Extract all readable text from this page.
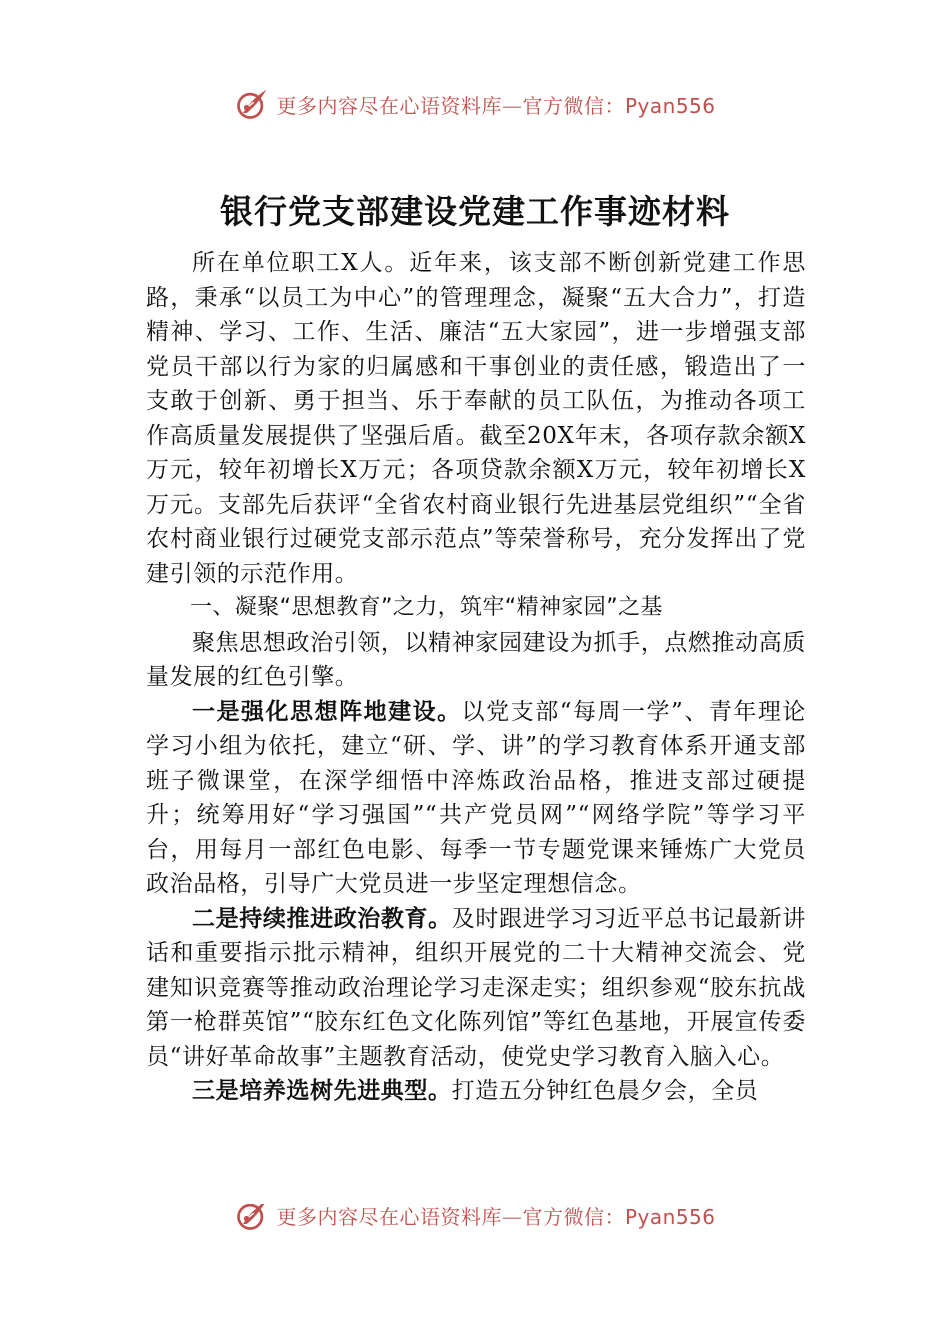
更多内容尽在心语资料库—官方微信：Pyan556
银行党支部建设党建工作事迹材料

所在单位职工X人。近年来，该支部不断创新党建工作思路，秉承“以员工为中心”的管理理念，凝聚“五大合力”，打造精神、学习、工作、生活、廉洁“五大家园”，进一步增强支部党员干部以行为家的归属感和干事创业的责任感，锻造出了一支敢于创新、勇于担当、乐于奉献的员工队伍，为推动各项工作高质量发展提供了坚强后盾。截至20X年末，各项存款余额X万元，较年初增长X万元；各项贷款余额X万元，较年初增长X万元。支部先后获评“全省农村商业银行先进基层党组织”“全省农村商业银行过硬党支部示范点”等荣誉称号，充分发挥出了党建引领的示范作用。

一、凝聚“思想教育”之力，筑牢“精神家园”之基

聚焦思想政治引领，以精神家园建设为抓手，点燃推动高质量发展的红色引擎。

一是强化思想阵地建设。以党支部“每周一学”、青年理论学习小组为依托，建立“研、学、讲”的学习教育体系开通支部班子微课堂，在深学细悟中淬炼政治品格，推进支部过硬提升；统筹用好“学习强国”“共产党员网”“网络学院”等学习平台，用每月一部红色电影、每季一节专题党课来锤炼广大党员政治品格，引导广大党员进一步坚定理想信念。

二是持续推进政治教育。及时跟进学习习近平总书记最新讲话和重要指示批示精神，组织开展党的二十大精神交流会、党建知识竞赛等推动政治理论学习走深走实；组织参观“胶东抗战第一枪群英馆”“胶东红色文化陈列馆”等红色基地，开展宣传委员“讲好革命故事”主题教育活动，使党史学习教育入脑入心。

三是培养选树先进典型。打造五分钟红色晨夕会，全员

更多内容尽在心语资料库—官方微信：Pyan556
